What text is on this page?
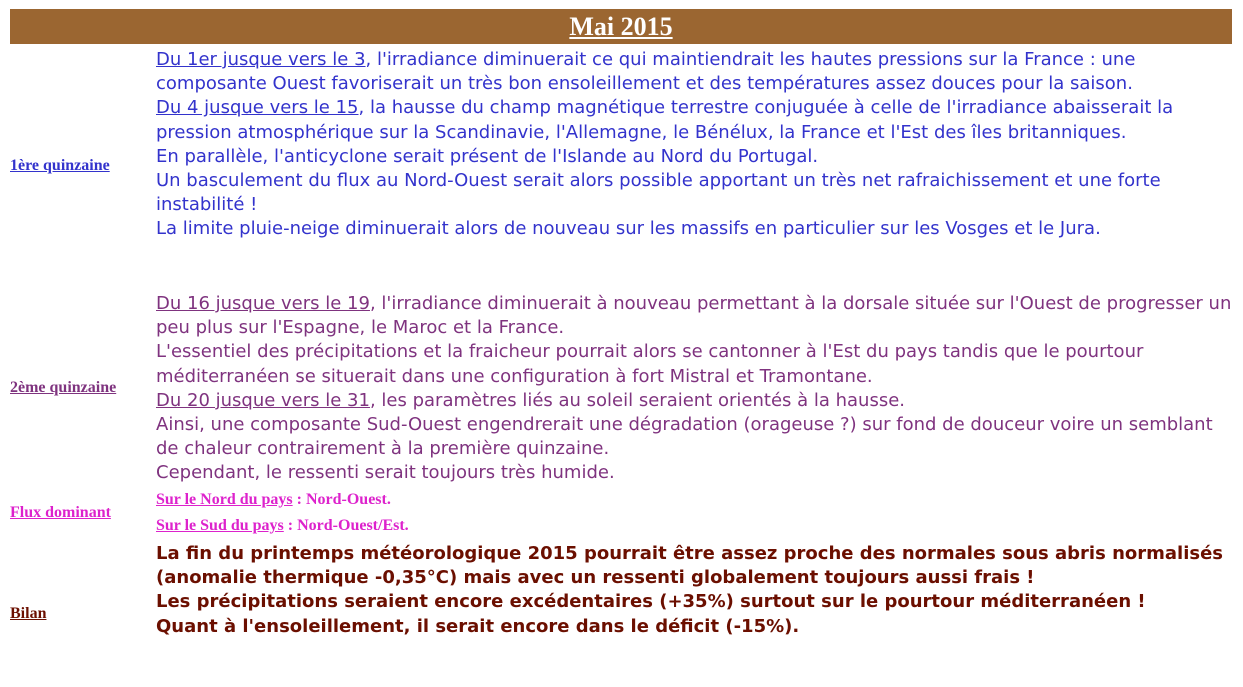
Mai 2015
1ère quinzaine

Du 1er jusque vers le 3, l'irradiance diminuerait ce qui maintiendrait les hautes pressions sur la France : une composante Ouest favoriserait un très bon ensoleillement et des températures assez douces pour la saison.

Du 4 jusque vers le 15, la hausse du champ magnétique terrestre conjuguée à celle de l'irradiance abaisserait la pression atmosphérique sur la Scandinavie, l'Allemagne, le Bénélux, la France et l'Est des îles britanniques.

En parallèle, l'anticyclone serait présent de l'Islande au Nord du Portugal.

Un basculement du flux au Nord-Ouest serait alors possible apportant un très net rafraichissement et une forte instabilité !

La limite pluie-neige diminuerait alors de nouveau sur les massifs en particulier sur les Vosges et le Jura.

2ème quinzaine

Du 16 jusque vers le 19, l'irradiance diminuerait à nouveau permettant à la dorsale située sur l'Ouest de progresser un peu plus sur l'Espagne, le Maroc et la France.

L'essentiel des précipitations et la fraicheur pourrait alors se cantonner à l'Est du pays tandis que le pourtour méditerranéen se situerait dans une configuration à fort Mistral et Tramontane.

Du 20 jusque vers le 31, les paramètres liés au soleil seraient orientés à la hausse.

Ainsi, une composante Sud-Ouest engendrerait une dégradation (orageuse ?) sur fond de douceur voire un semblant de chaleur contrairement à la première quinzaine.

Cependant, le ressenti serait toujours très humide.

Flux dominant

Sur le Nord du pays : Nord-Ouest.

Sur le Sud du pays : Nord-Ouest/Est.

Bilan

La fin du printemps météorologique 2015 pourrait être assez proche des normales sous abris normalisés (anomalie thermique -0,35°C) mais avec un ressenti globalement toujours aussi frais !

Les précipitations seraient encore excédentaires (+35%) surtout sur le pourtour méditerranéen !

Quant à l'ensoleillement, il serait encore dans le déficit (-15%).
